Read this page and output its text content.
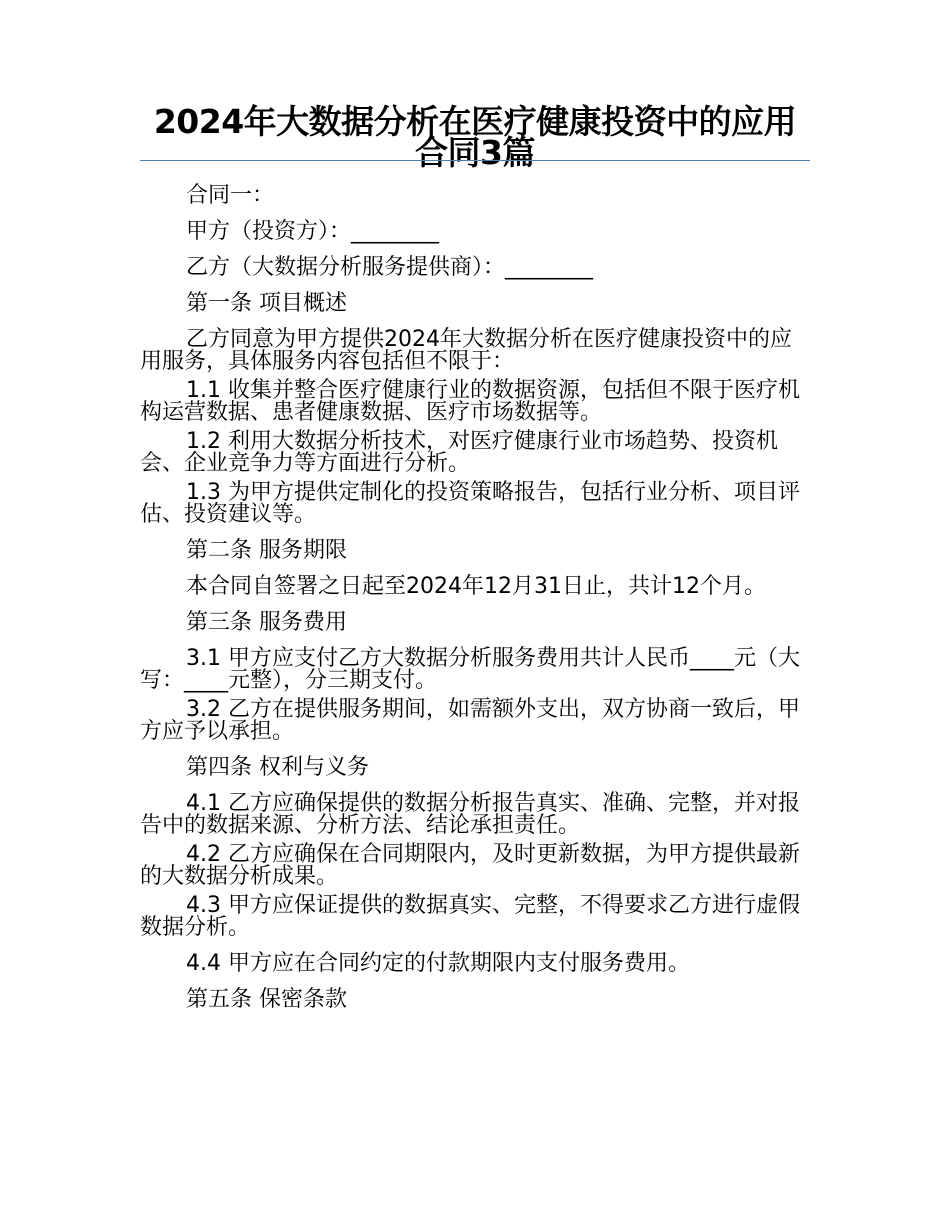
2024年大数据分析在医疗健康投资中的应用合同3篇

合同一：

甲方（投资方）：________

乙方（大数据分析服务提供商）：________

第一条 项目概述

乙方同意为甲方提供2024年大数据分析在医疗健康投资中的应用服务，具体服务内容包括但不限于：

1.1 收集并整合医疗健康行业的数据资源，包括但不限于医疗机构运营数据、患者健康数据、医疗市场数据等。

1.2 利用大数据分析技术，对医疗健康行业市场趋势、投资机会、企业竞争力等方面进行分析。

1.3 为甲方提供定制化的投资策略报告，包括行业分析、项目评估、投资建议等。

第二条 服务期限

本合同自签署之日起至2024年12月31日止，共计12个月。

第三条 服务费用

3.1 甲方应支付乙方大数据分析服务费用共计人民币____元（大写：____元整），分三期支付。

3.2 乙方在提供服务期间，如需额外支出，双方协商一致后，甲方应予以承担。

第四条 权利与义务

4.1 乙方应确保提供的数据分析报告真实、准确、完整，并对报告中的数据来源、分析方法、结论承担责任。

4.2 乙方应确保在合同期限内，及时更新数据，为甲方提供最新的大数据分析成果。

4.3 甲方应保证提供的数据真实、完整，不得要求乙方进行虚假数据分析。

4.4 甲方应在合同约定的付款期限内支付服务费用。

第五条 保密条款
